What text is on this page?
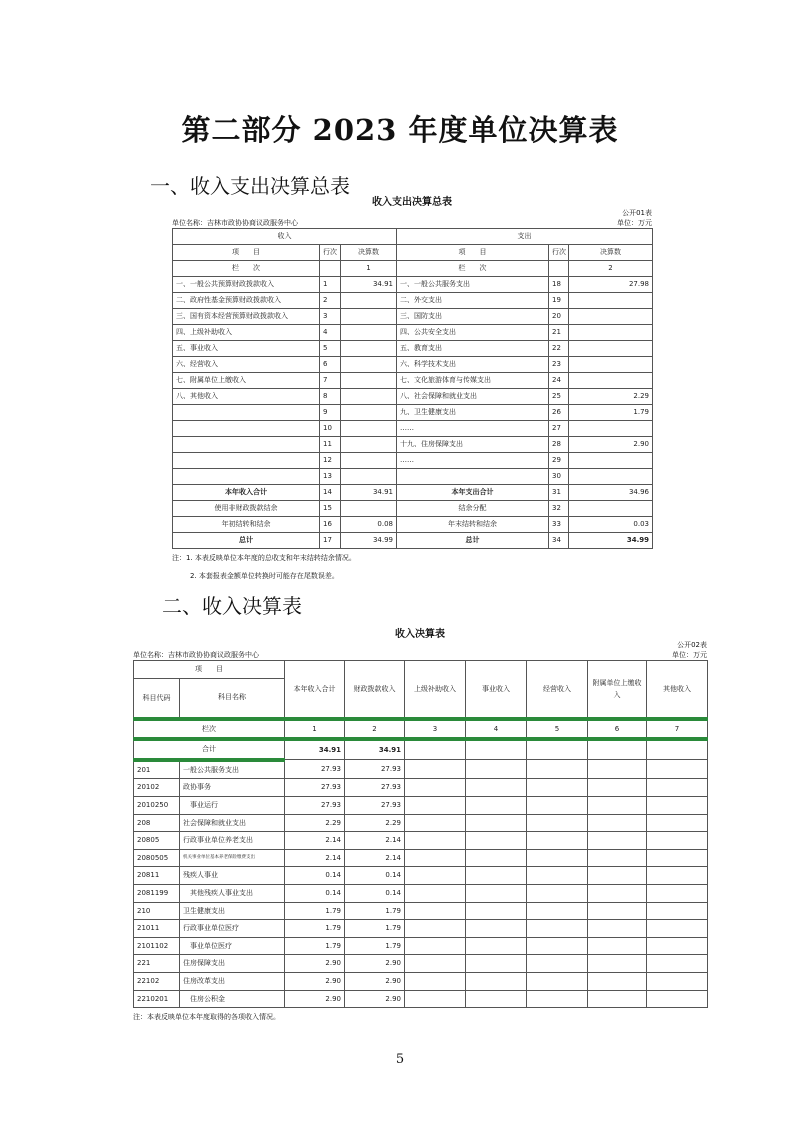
第二部分 2023 年度单位决算表
一、收入支出决算总表
收入支出决算总表
公开01表
单位名称：吉林市政协协商议政服务中心	单位：万元
收入			支出		
项　　目	行次	决算数	项　　目	行次	决算数
栏　　次		1	栏　　次		2
一、一般公共预算财政拨款收入	1	34.91	一、一般公共服务支出	18	27.98
二、政府性基金预算财政拨款收入	2		二、外交支出	19	
三、国有资本经营预算财政拨款收入	3		三、国防支出	20	
四、上级补助收入	4		四、公共安全支出	21	
五、事业收入	5		五、教育支出	22	
六、经营收入	6		六、科学技术支出	23	
七、附属单位上缴收入	7		七、文化旅游体育与传媒支出	24	
八、其他收入	8		八、社会保障和就业支出	25	2.29
	9		九、卫生健康支出	26	1.79
	10		……	27	
	11		十九、住房保障支出	28	2.90
	12		……	29	
	13			30	
本年收入合计	14	34.91	本年支出合计	31	34.96
使用非财政拨款结余	15		结余分配	32	
年初结转和结余	16	0.08	年末结转和结余	33	0.03
总计	17	34.99	总计	34	34.99
注：1. 本表反映单位本年度的总收支和年末结转结余情况。
2. 本套报表金额单位转换时可能存在尾数误差。
二、收入决算表
收入决算表
公开02表
单位名称：吉林市政协协商议政服务中心	单位：万元
项　　目		本年收入合计	财政拨款收入	上级补助收入	事业收入	经营收入	附属单位上缴收入	其他收入
科目代码	科目名称							
栏次		1	2	3	4	5	6	7
合计		34.91	34.91					
201	一般公共服务支出	27.93	27.93					
20102	政协事务	27.93	27.93					
2010250	　事业运行	27.93	27.93					
208	社会保障和就业支出	2.29	2.29					
20805	行政事业单位养老支出	2.14	2.14					
2080505	机关事业单位基本养老保险缴费支出	2.14	2.14					
20811	残疾人事业	0.14	0.14					
2081199	　其他残疾人事业支出	0.14	0.14					
210	卫生健康支出	1.79	1.79					
21011	行政事业单位医疗	1.79	1.79					
2101102	　事业单位医疗	1.79	1.79					
221	住房保障支出	2.90	2.90					
22102	住房改革支出	2.90	2.90					
2210201	　住房公积金	2.90	2.90					
注：本表反映单位本年度取得的各项收入情况。
5
